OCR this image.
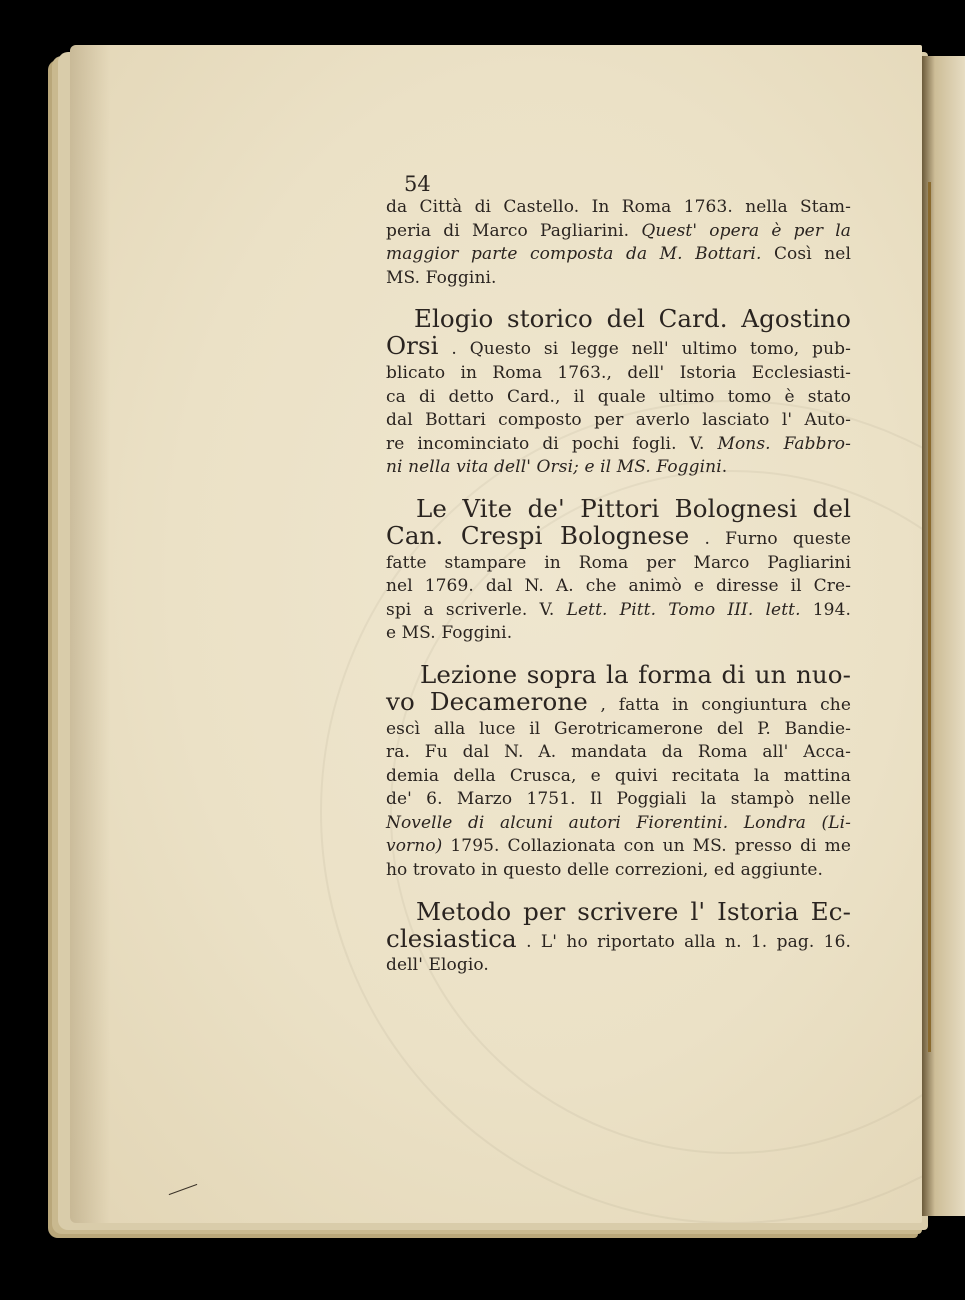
54
da Città di Castello. In Roma 1763. nella Stam-
peria di Marco Pagliarini. Quest' opera è per la
maggior parte composta da M. Bottari. Così nel
MS. Foggini.
Elogio storico del Card. Agostino
Orsi . Questo si legge nell' ultimo tomo, pub-
blicato in Roma 1763., dell' Istoria Ecclesiasti-
ca di detto Card., il quale ultimo tomo è stato
dal Bottari composto per averlo lasciato l' Auto-
re incominciato di pochi fogli. V. Mons. Fabbro-
ni nella vita dell' Orsi; e il MS. Foggini.
Le Vite de' Pittori Bolognesi del
Can. Crespi Bolognese . Furno queste
fatte stampare in Roma per Marco Pagliarini
nel 1769. dal N. A. che animò e diresse il Cre-
spi a scriverle. V. Lett. Pitt. Tomo III. lett. 194.
e MS. Foggini.
Lezione sopra la forma di un nuo-
vo Decamerone , fatta in congiuntura che
escì alla luce il Gerotricamerone del P. Bandie-
ra. Fu dal N. A. mandata da Roma all' Acca-
demia della Crusca, e quivi recitata la mattina
de' 6. Marzo 1751. Il Poggiali la stampò nelle
Novelle di alcuni autori Fiorentini. Londra (Li-
vorno) 1795. Collazionata con un MS. presso di me
ho trovato in questo delle correzioni, ed aggiunte.
Metodo per scrivere l' Istoria Ec-
clesiastica . L' ho riportato alla n. 1. pag. 16.
dell' Elogio.
